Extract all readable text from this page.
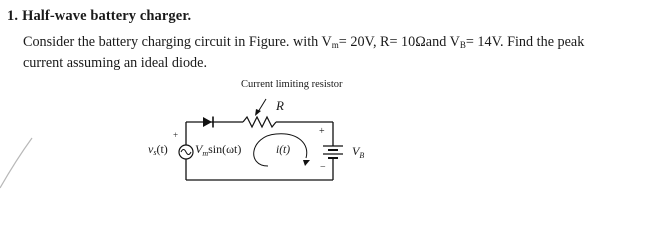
1. Half-wave battery charger.
Consider the battery charging circuit in Figure. with $V_m= 20V$, R= 10Ωand $V_B= 14V$. Find the peak
current assuming an ideal diode.
Current limiting resistor
R
vs(t) $V_m\sin(\omega t)$	i(t)
+
−
+
$V_B$
